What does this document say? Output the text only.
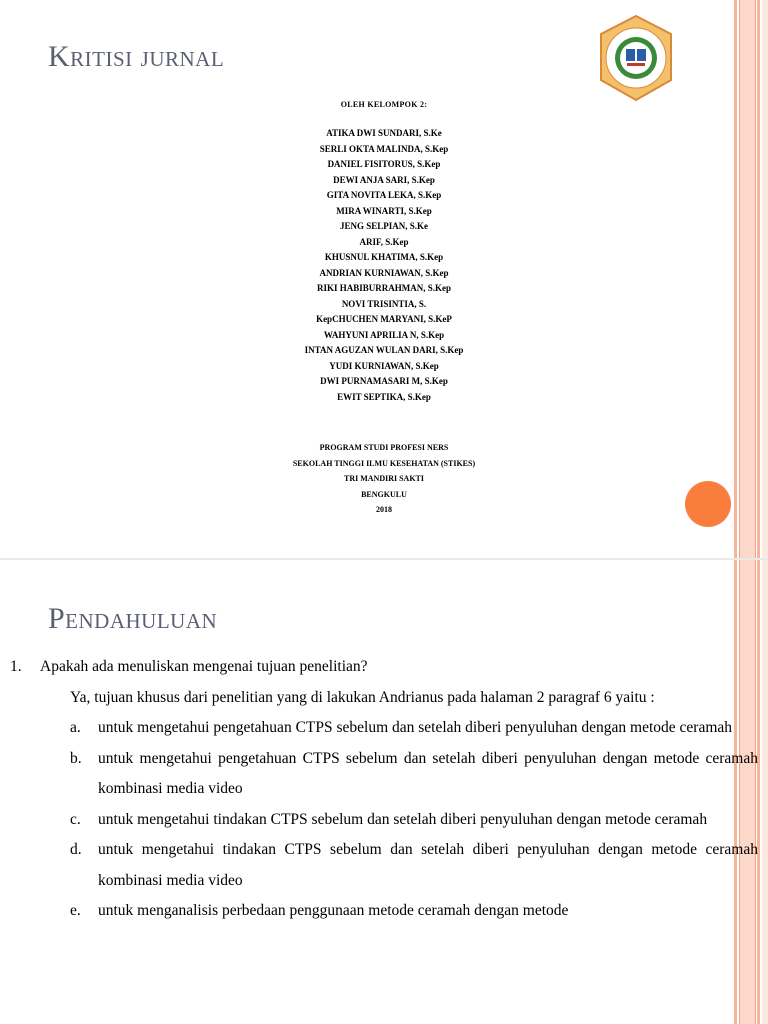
Kritisi jurnal
OLEH KELOMPOK 2:
ATIKA DWI SUNDARI, S.Ke
SERLI OKTA MALINDA, S.Kep
DANIEL FISITORUS, S.Kep
DEWI ANJA SARI, S.Kep
GITA NOVITA LEKA, S.Kep
MIRA WINARTI, S.Kep
JENG SELPIAN, S.Ke
ARIF, S.Kep
KHUSNUL KHATIMA, S.Kep
ANDRIAN KURNIAWAN, S.Kep
RIKI HABIBURRAHMAN, S.Kep
NOVI TRISINTIA, S.
KepCHUCHEN MARYANI, S.KeP
WAHYUNI APRILIA N, S.Kep
INTAN AGUZAN WULAN DARI, S.Kep
YUDI KURNIAWAN, S.Kep
DWI PURNAMASARI M, S.Kep
EWIT SEPTIKA, S.Kep
PROGRAM STUDI PROFESI NERS
SEKOLAH TINGGI ILMU KESEHATAN (STIKES)
TRI MANDIRI SAKTI
BENGKULU
2018
Pendahuluan
1. Apakah ada menuliskan mengenai tujuan penelitian?
Ya, tujuan khusus dari penelitian yang di lakukan Andrianus pada halaman 2 paragraf 6 yaitu :
a. untuk mengetahui pengetahuan CTPS sebelum dan setelah diberi penyuluhan dengan metode ceramah
b. untuk mengetahui pengetahuan CTPS sebelum dan setelah diberi penyuluhan dengan metode ceramah kombinasi media video
c. untuk mengetahui tindakan CTPS sebelum dan setelah diberi penyuluhan dengan metode ceramah
d. untuk mengetahui tindakan CTPS sebelum dan setelah diberi penyuluhan dengan metode ceramah kombinasi media video
e. untuk menganalisis perbedaan penggunaan metode ceramah dengan metode
